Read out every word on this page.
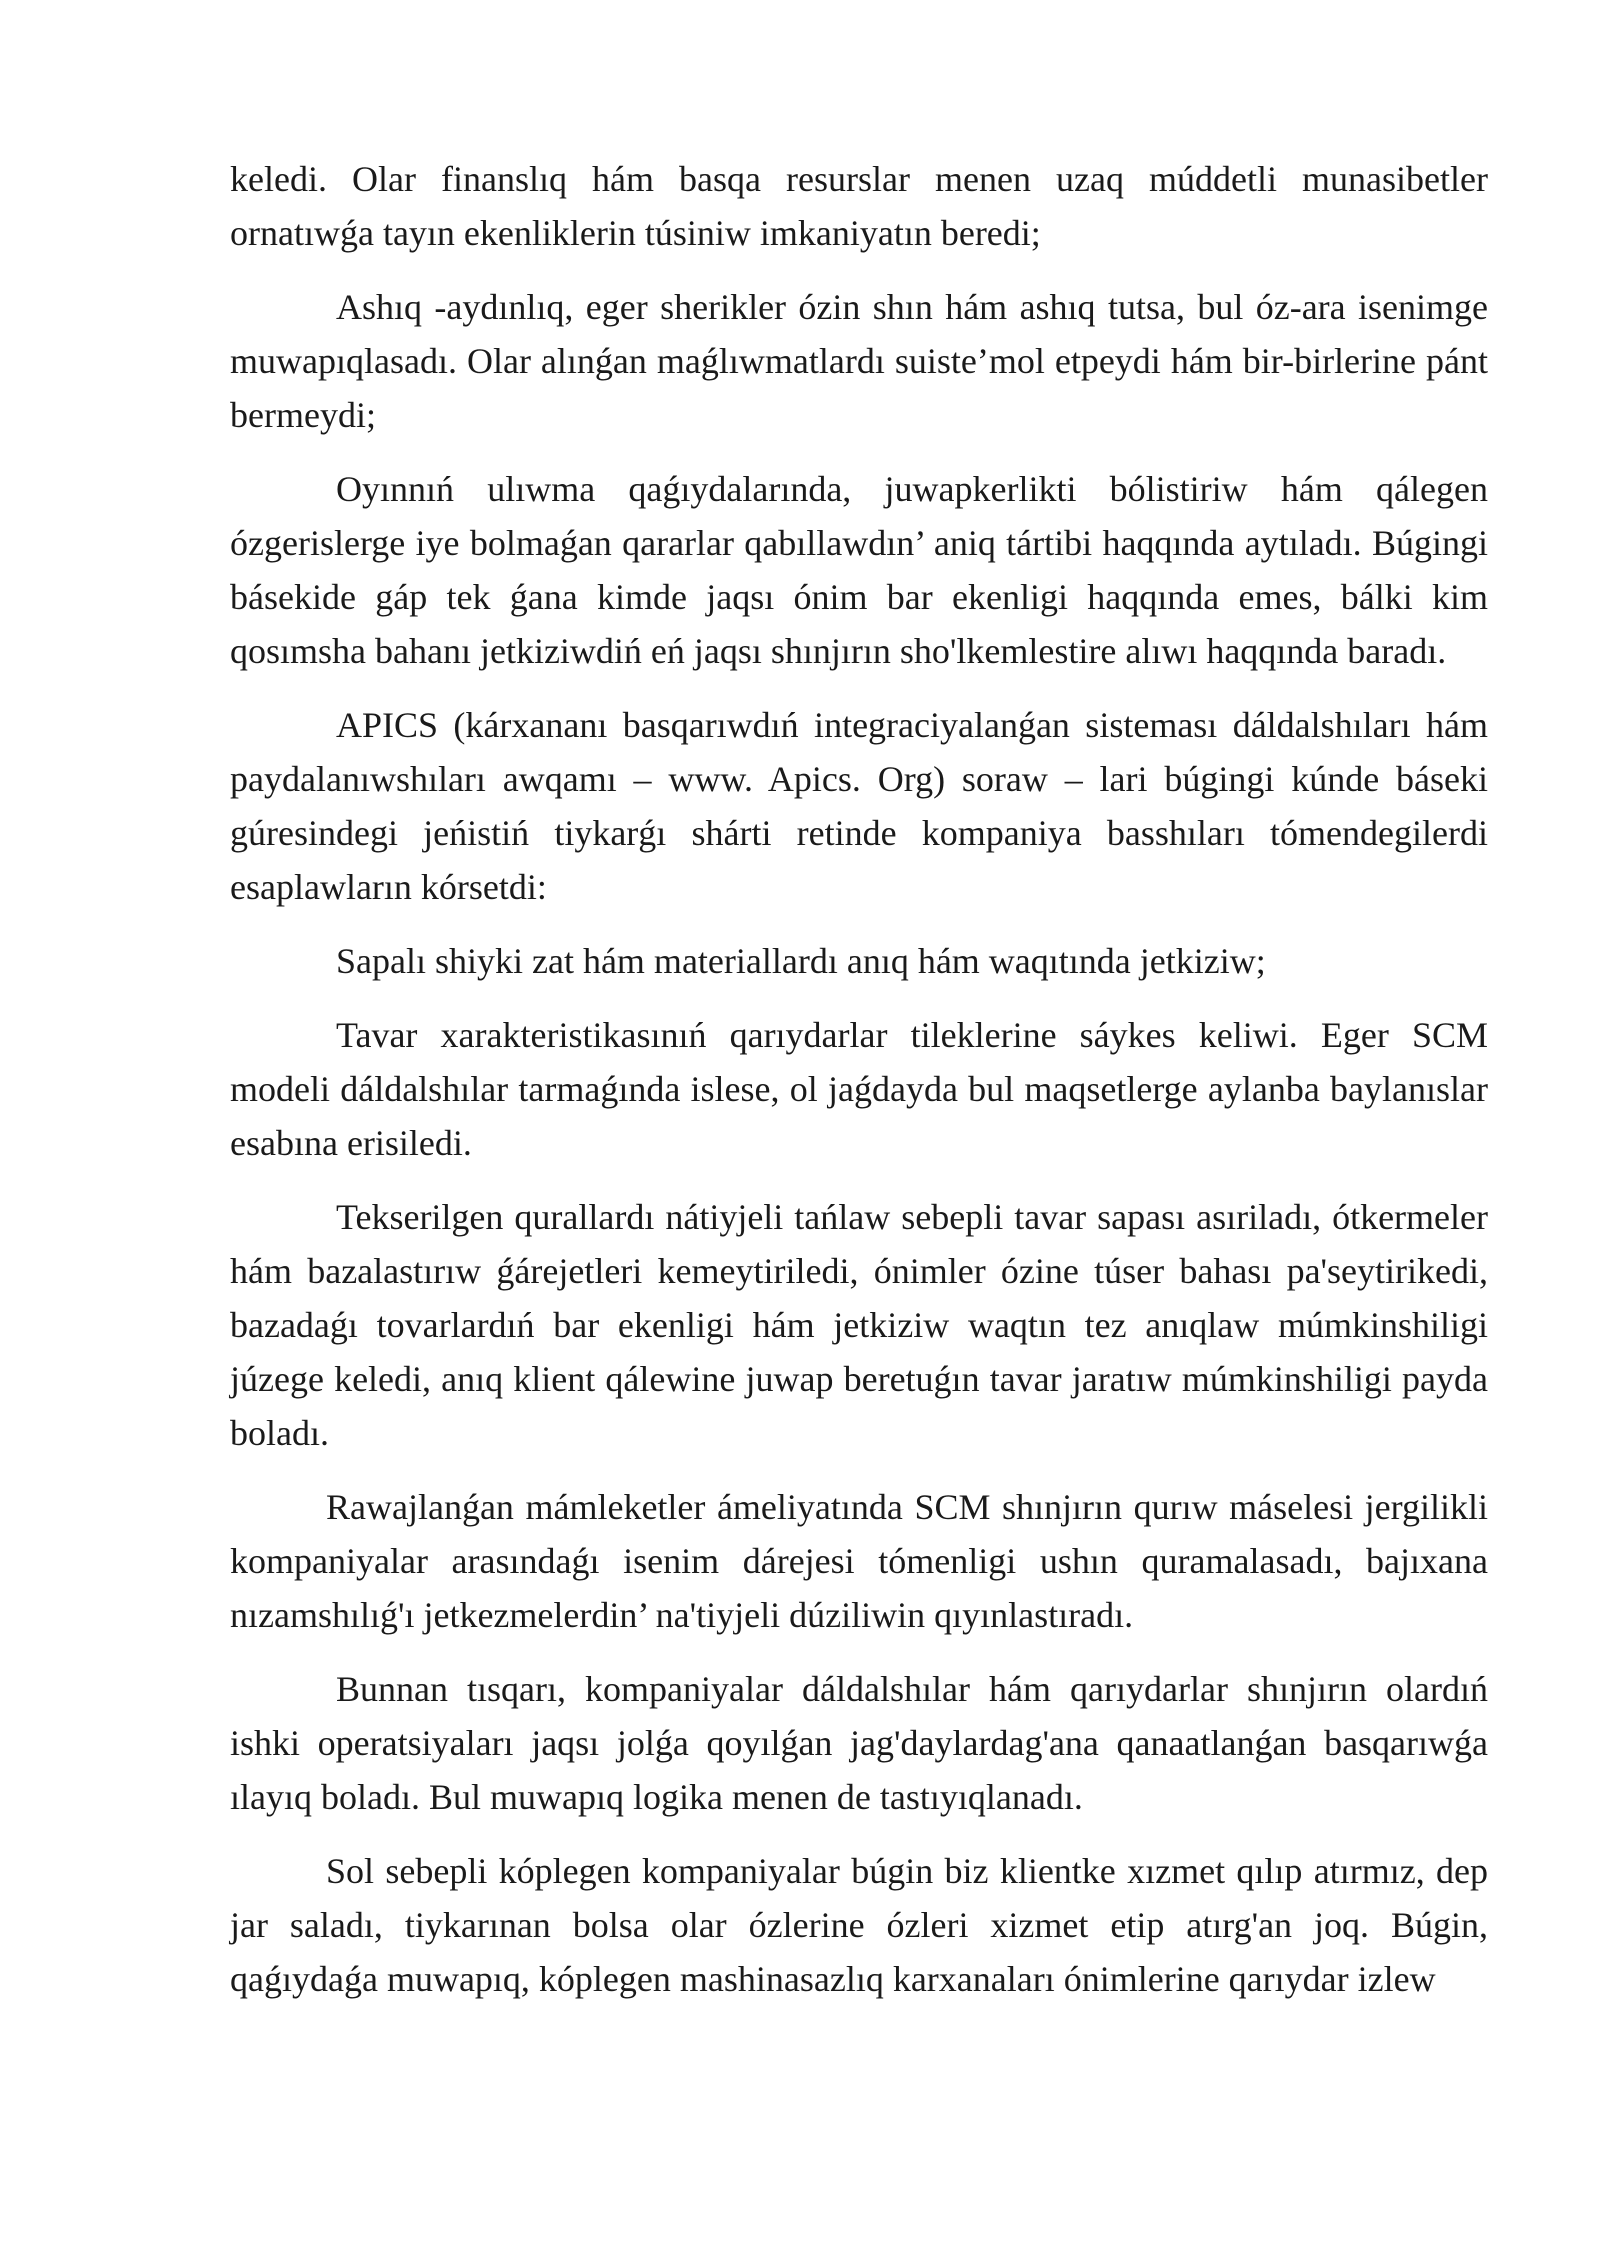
keledi. Olar finanslıq hám basqa resurslar menen uzaq múddetli munasibetler ornatıwǵa tayın ekenliklerin túsiniw imkaniyatın beredi;

Ashıq -aydınlıq, eger sherikler ózin shın hám ashıq tutsa, bul óz-ara isenimge muwapıqlasadı. Olar alınǵan maǵlıwmatlardı suiste’mol etpeydi hám bir-birlerine pánt bermeydi;

Oyınnıń ulıwma qaǵıydalarında, juwapkerlikti bólistiriw hám qálegen ózgerislerge iye bolmaǵan qararlar qabıllawdın’ aniq tártibi haqqında aytıladı. Búgingi básekide gáp tek ǵana kimde jaqsı ónim bar ekenligi haqqında emes, bálki kim qosımsha bahanı jetkiziwdiń eń jaqsı shınjırın sho'lkemlestire alıwı haqqında baradı.

APICS (kárxananı basqarıwdıń integraciyalanǵan sisteması dáldalshıları hám paydalanıwshıları awqamı – www. Apics. Org) soraw – lari búgingi kúnde báseki gúresindegi jeńistiń tiykarǵı shárti retinde kompaniya basshıları tómendegilerdi esaplawların kórsetdi:

Sapalı shiyki zat hám materiallardı anıq hám waqıtında jetkiziw;

Tavar xarakteristikasınıń qarıydarlar tileklerine sáykes keliwi. Eger SCM modeli dáldalshılar tarmaǵında islese, ol jaǵdayda bul maqsetlerge aylanba baylanıslar esabına erisiledi.

Tekserilgen qurallardı nátiyjeli tańlaw sebepli tavar sapası asıriladı, ótkermeler hám bazalastırıw ǵárejetleri kemeytiriledi, ónimler ózine túser bahası pa'seytirikedi, bazadaǵı tovarlardıń bar ekenligi hám jetkiziw waqtın tez anıqlaw múmkinshiligi júzege keledi, anıq klient qálewine juwap beretuǵın tavar jaratıw múmkinshiligi payda boladı.

Rawajlanǵan mámleketler ámeliyatında SCM shınjırın qurıw máselesi jergilikli kompaniyalar arasındaǵı isenim dárejesi tómenligi ushın quramalasadı, bajıxana nızamshılıǵ'ı jetkezmelerdin’ na'tiyjeli dúziliwin qıyınlastıradı.

Bunnan tısqarı, kompaniyalar dáldalshılar hám qarıydarlar shınjırın olardıń ishki operatsiyaları jaqsı jolǵa qoyılǵan jag'daylardag'ana qanaatlanǵan basqarıwǵa ılayıq boladı. Bul muwapıq logika menen de tastıyıqlanadı.

Sol sebepli kóplegen kompaniyalar búgin biz klientke xızmet qılıp atırmız, dep jar saladı, tiykarınan bolsa olar ózlerine ózleri xizmet etip atırg'an joq. Búgin, qaǵıydaǵa muwapıq, kóplegen mashinasazlıq karxanaları ónimlerine qarıydar izlew
